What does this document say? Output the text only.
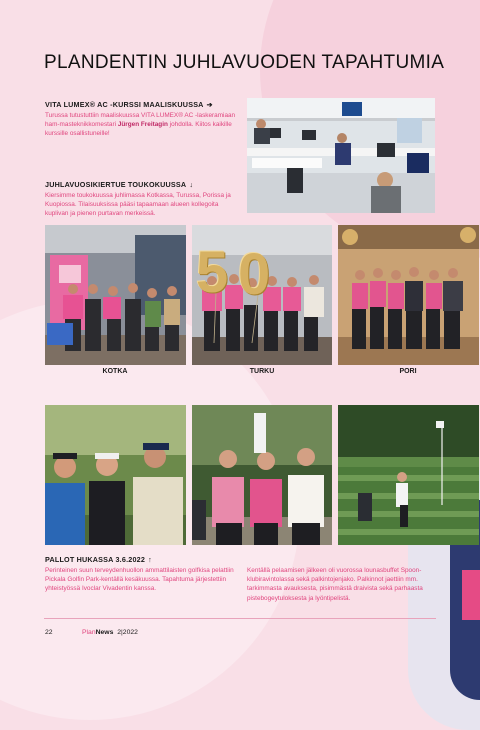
PLANDENTIN JUHLAVUODEN TAPAHTUMIA

VITA LUMEX® AC -KURSSI MAALISKUUSSA ➔

Turussa tutustuttiin maaliskuussa VITA LUMEX® AC -laskeramiaan ham-masteknikkomestari Jürgen Freitagin johdolla. Kiitos kaikille kurssille osallistuneille!

JUHLAVUOSIKIERTUE TOUKOKUUSSA ↓

Kiersimme toukokuussa juhlimassa Kotkassa, Turussa, Porissa ja Kuopiossa. Tilaisuuksissa pääsi tapaamaan alueen kollegoita kuplivan ja pienen purtavan merkeissä.

KOTKA
5 0
TURKU	PORI

PALLOT HUKASSA 3.6.2022 ↑

Perinteinen suun terveydenhuollon ammattilaisten golfkisa pelattiin Pickala Golfin Park-kentällä kesäkuussa. Tapahtuma järjestettiin yhteistyössä Ivoclar Vivadentin kanssa.

Kentällä pelaamisen jälkeen oli vuorossa lounasbuffet Spoon-klubiravintolassa sekä palkintojenjako. Palkinnot jaettiin mm. tarkimmasta avauksesta, pisimmästä draivista sekä parhaasta pistebogeytuloksesta ja lyöntipelistä.

22	PlanNews 2|2022
